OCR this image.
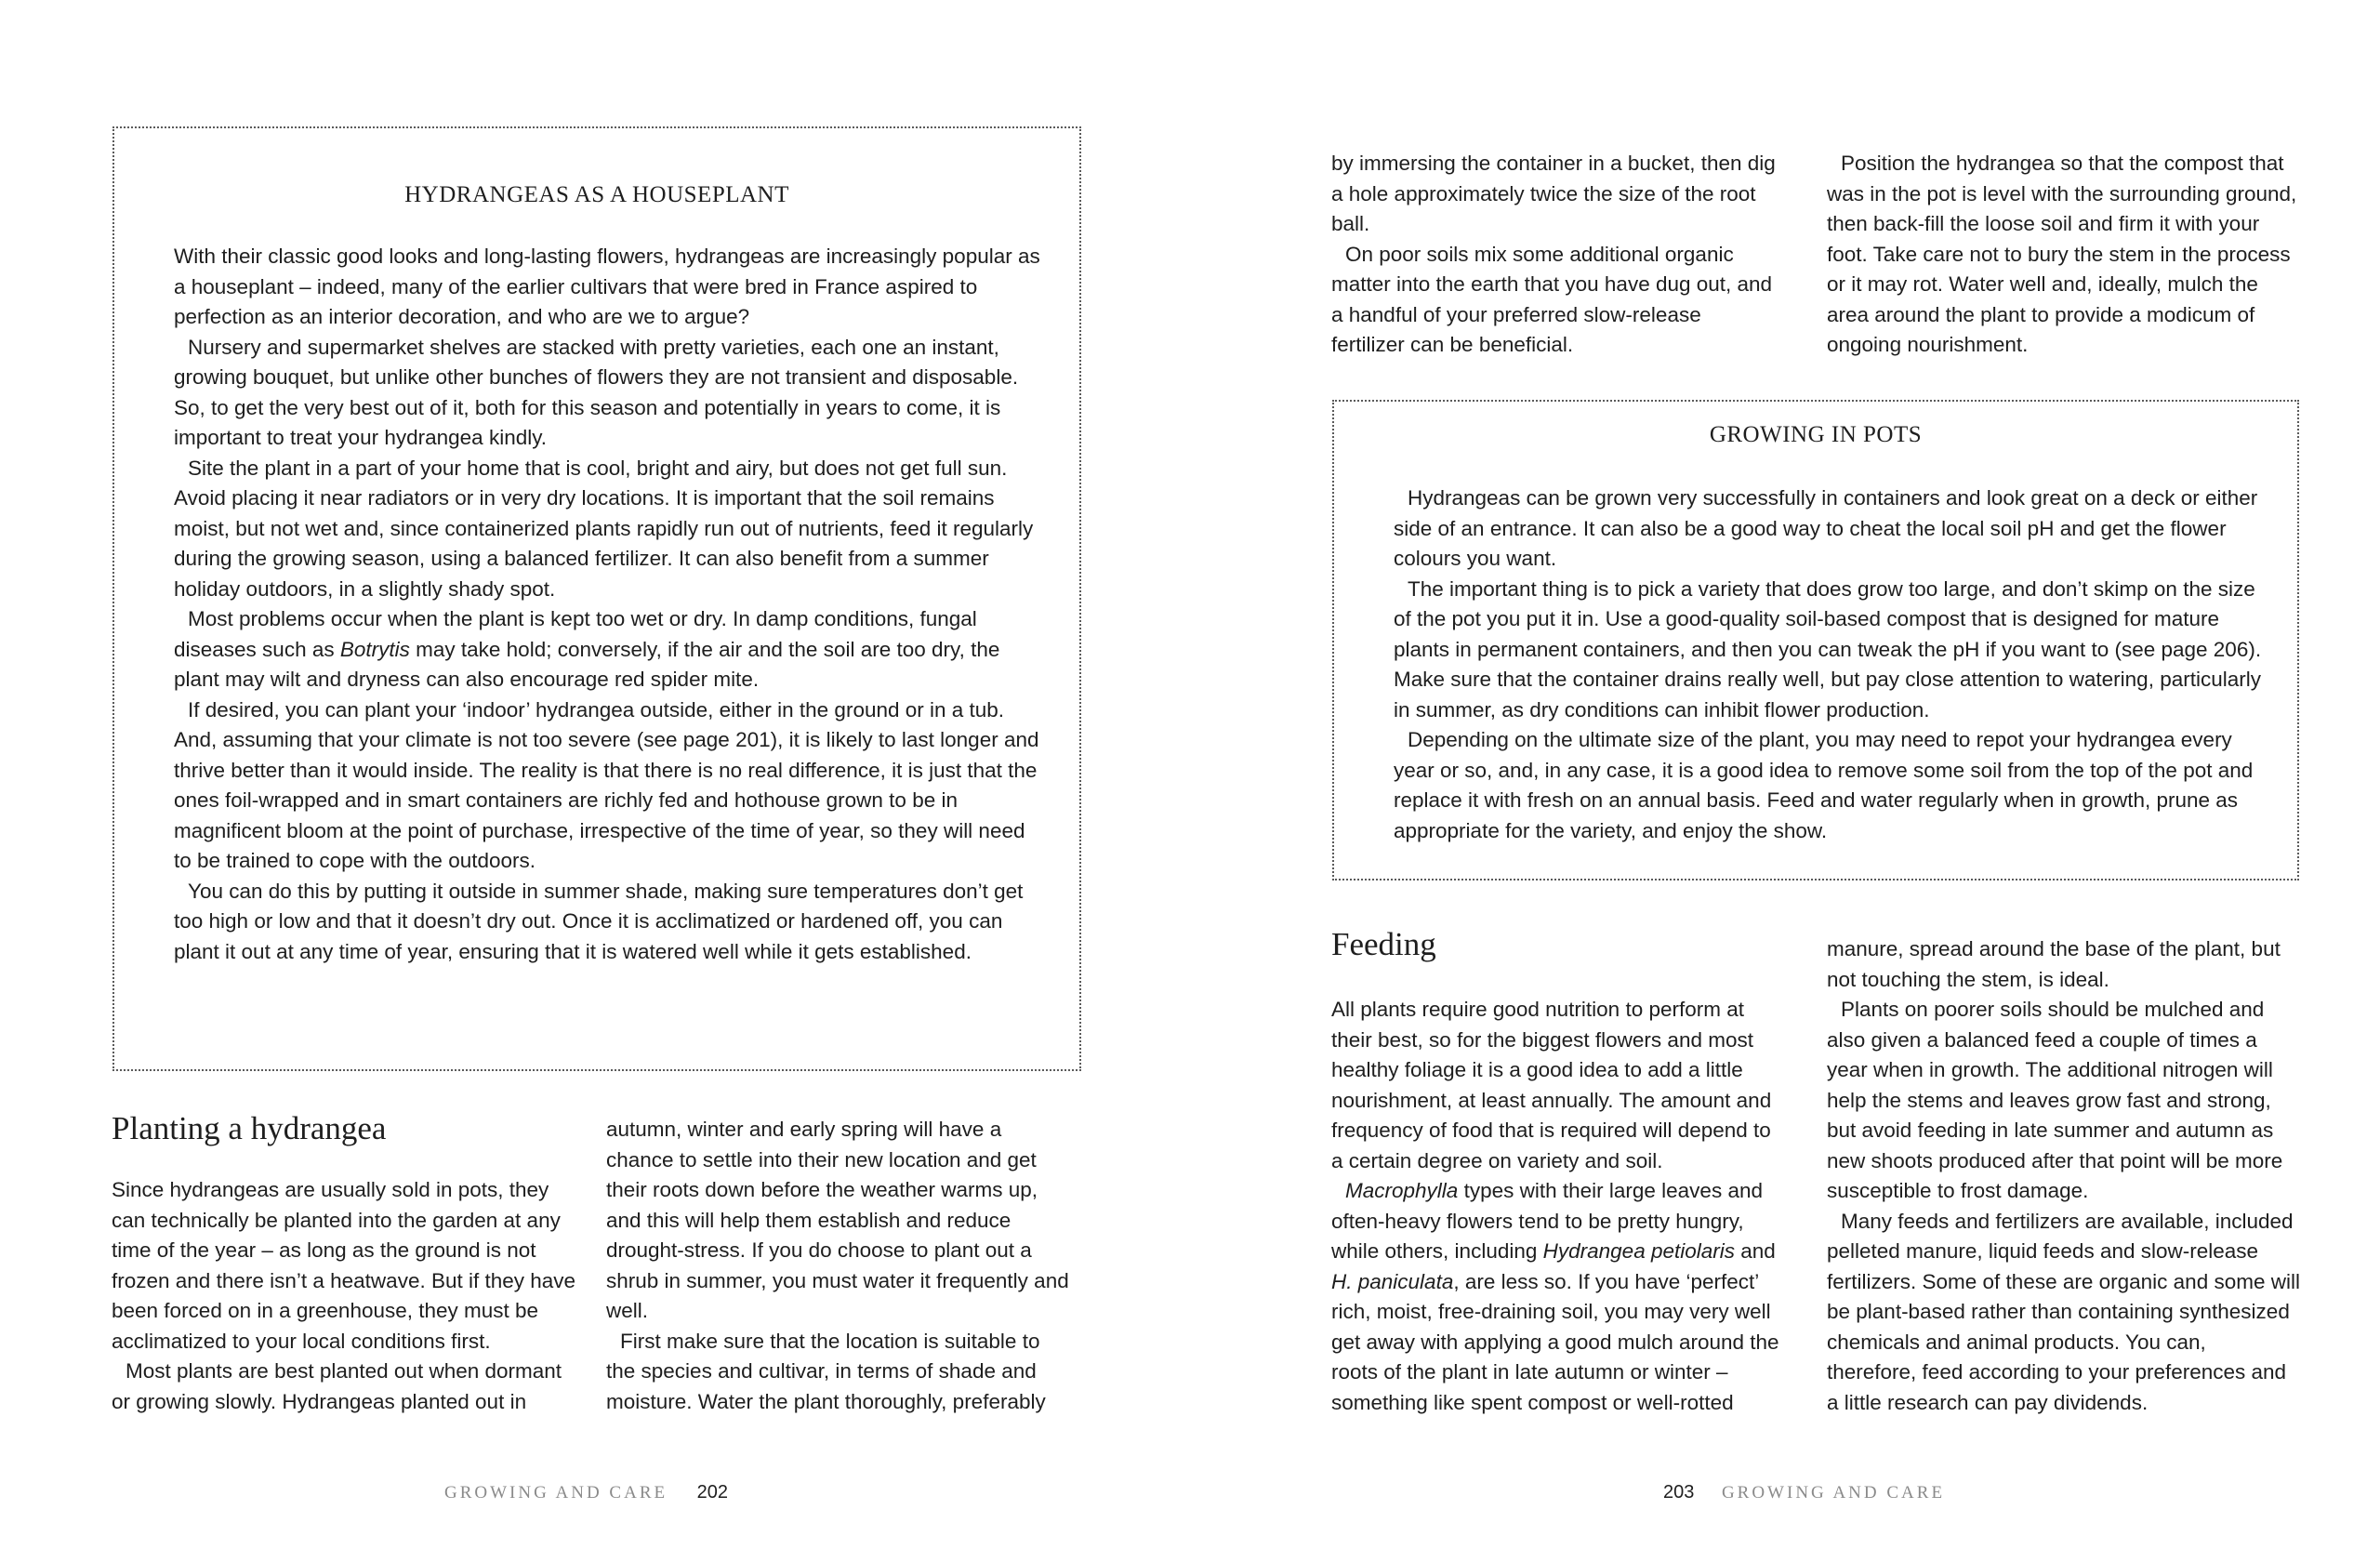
HYDRANGEAS AS A HOUSEPLANT

With their classic good looks and long-lasting flowers, hydrangeas are increasingly popular as a houseplant – indeed, many of the earlier cultivars that were bred in France aspired to perfection as an interior decoration, and who are we to argue?

Nursery and supermarket shelves are stacked with pretty varieties, each one an instant, growing bouquet, but unlike other bunches of flowers they are not transient and disposable. So, to get the very best out of it, both for this season and potentially in years to come, it is important to treat your hydrangea kindly.

Site the plant in a part of your home that is cool, bright and airy, but does not get full sun. Avoid placing it near radiators or in very dry locations. It is important that the soil remains moist, but not wet and, since containerized plants rapidly run out of nutrients, feed it regularly during the growing season, using a balanced fertilizer. It can also benefit from a summer holiday outdoors, in a slightly shady spot.

Most problems occur when the plant is kept too wet or dry. In damp conditions, fungal diseases such as Botrytis may take hold; conversely, if the air and the soil are too dry, the plant may wilt and dryness can also encourage red spider mite.

If desired, you can plant your ‘indoor’ hydrangea outside, either in the ground or in a tub. And, assuming that your climate is not too severe (see page 201), it is likely to last longer and thrive better than it would inside. The reality is that there is no real difference, it is just that the ones foil-wrapped and in smart containers are richly fed and hothouse grown to be in magnificent bloom at the point of purchase, irrespective of the time of year, so they will need to be trained to cope with the outdoors.

You can do this by putting it outside in summer shade, making sure temperatures don’t get too high or low and that it doesn’t dry out. Once it is acclimatized or hardened off, you can plant it out at any time of year, ensuring that it is watered well while it gets established.

Planting a hydrangea

Since hydrangeas are usually sold in pots, they can technically be planted into the garden at any time of the year – as long as the ground is not frozen and there isn’t a heatwave. But if they have been forced on in a greenhouse, they must be acclimatized to your local conditions first.

Most plants are best planted out when dormant or growing slowly. Hydrangeas planted out in

autumn, winter and early spring will have a chance to settle into their new location and get their roots down before the weather warms up, and this will help them establish and reduce drought-stress. If you do choose to plant out a shrub in summer, you must water it frequently and well.

First make sure that the location is suitable to the species and cultivar, in terms of shade and moisture. Water the plant thoroughly, preferably

GROWING AND CARE 202

by immersing the container in a bucket, then dig a hole approximately twice the size of the root ball.

On poor soils mix some additional organic matter into the earth that you have dug out, and a handful of your preferred slow-release fertilizer can be beneficial.

Position the hydrangea so that the compost that was in the pot is level with the surrounding ground, then back-fill the loose soil and firm it with your foot. Take care not to bury the stem in the process or it may rot. Water well and, ideally, mulch the area around the plant to provide a modicum of ongoing nourishment.

GROWING IN POTS

Hydrangeas can be grown very successfully in containers and look great on a deck or either side of an entrance. It can also be a good way to cheat the local soil pH and get the flower colours you want.

The important thing is to pick a variety that does grow too large, and don’t skimp on the size of the pot you put it in. Use a good-quality soil-based compost that is designed for mature plants in permanent containers, and then you can tweak the pH if you want to (see page 206). Make sure that the container drains really well, but pay close attention to watering, particularly in summer, as dry conditions can inhibit flower production.

Depending on the ultimate size of the plant, you may need to repot your hydrangea every year or so, and, in any case, it is a good idea to remove some soil from the top of the pot and replace it with fresh on an annual basis. Feed and water regularly when in growth, prune as appropriate for the variety, and enjoy the show.

Feeding

All plants require good nutrition to perform at their best, so for the biggest flowers and most healthy foliage it is a good idea to add a little nourishment, at least annually. The amount and frequency of food that is required will depend to a certain degree on variety and soil.

Macrophylla types with their large leaves and often-heavy flowers tend to be pretty hungry, while others, including Hydrangea petiolaris and H. paniculata, are less so. If you have ‘perfect’ rich, moist, free-draining soil, you may very well get away with applying a good mulch around the roots of the plant in late autumn or winter – something like spent compost or well-rotted

manure, spread around the base of the plant, but not touching the stem, is ideal.

Plants on poorer soils should be mulched and also given a balanced feed a couple of times a year when in growth. The additional nitrogen will help the stems and leaves grow fast and strong, but avoid feeding in late summer and autumn as new shoots produced after that point will be more susceptible to frost damage.

Many feeds and fertilizers are available, included pelleted manure, liquid feeds and slow-release fertilizers. Some of these are organic and some will be plant-based rather than containing synthesized chemicals and animal products. You can, therefore, feed according to your preferences and a little research can pay dividends.

203 GROWING AND CARE
